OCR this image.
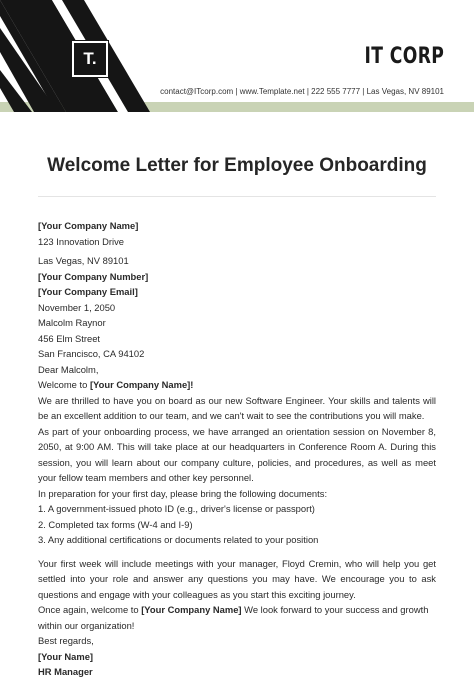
T.	IT CORP
contact@ITcorp.com | www.Template.net | 222 555 7777 | Las Vegas, NV 89101
Welcome Letter for Employee Onboarding

[Your Company Name]

123 Innovation Drive

Las Vegas, NV 89101

[Your Company Number]

[Your Company Email]

November 1, 2050

Malcolm Raynor

456 Elm Street

San Francisco, CA 94102

Dear Malcolm,

Welcome to [Your Company Name]!

We are thrilled to have you on board as our new Software Engineer. Your skills and talents will be an excellent addition to our team, and we can't wait to see the contributions you will make.

As part of your onboarding process, we have arranged an orientation session on November 8, 2050, at 9:00 AM. This will take place at our headquarters in Conference Room A. During this session, you will learn about our company culture, policies, and procedures, as well as meet your fellow team members and other key personnel.

In preparation for your first day, please bring the following documents:

1. A government-issued photo ID (e.g., driver's license or passport)

2. Completed tax forms (W-4 and I-9)

3. Any additional certifications or documents related to your position

Your first week will include meetings with your manager, Floyd Cremin, who will help you get settled into your role and answer any questions you may have. We encourage you to ask questions and engage with your colleagues as you start this exciting journey.

Once again, welcome to [Your Company Name] We look forward to your success and growth within our organization!

Best regards,

[Your Name]

HR Manager
